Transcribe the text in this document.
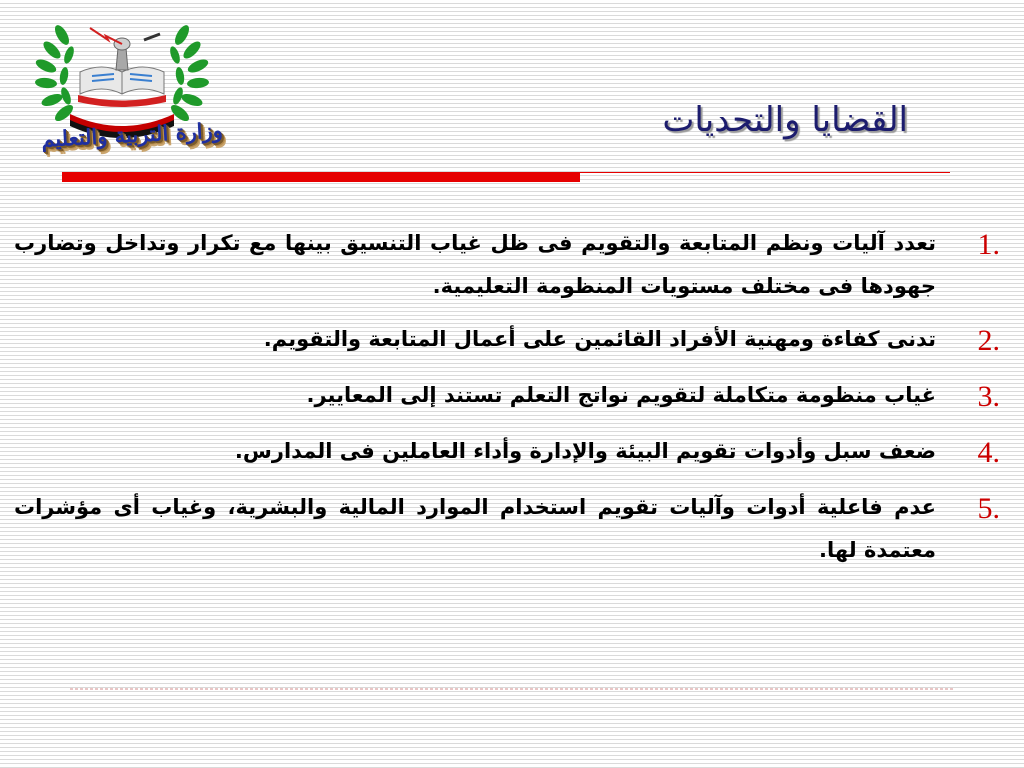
وزارة التربية والتعليم	القضايا والتحديات
1.
تعدد آليات ونظم المتابعة والتقويم فى ظل غياب التنسيق بينها مع تكرار وتداخل وتضارب جهودها فى مختلف مستويات المنظومة التعليمية.
2.
تدنى كفاءة ومهنية الأفراد القائمين على أعمال المتابعة والتقويم.
3.
غياب منظومة متكاملة لتقويم نواتج التعلم تستند إلى المعايير.
4.
ضعف سبل وأدوات تقويم البيئة والإدارة وأداء العاملين فى المدارس.
5.
عدم فاعلية أدوات وآليات تقويم استخدام الموارد المالية والبشرية، وغياب أى مؤشرات معتمدة لها.
